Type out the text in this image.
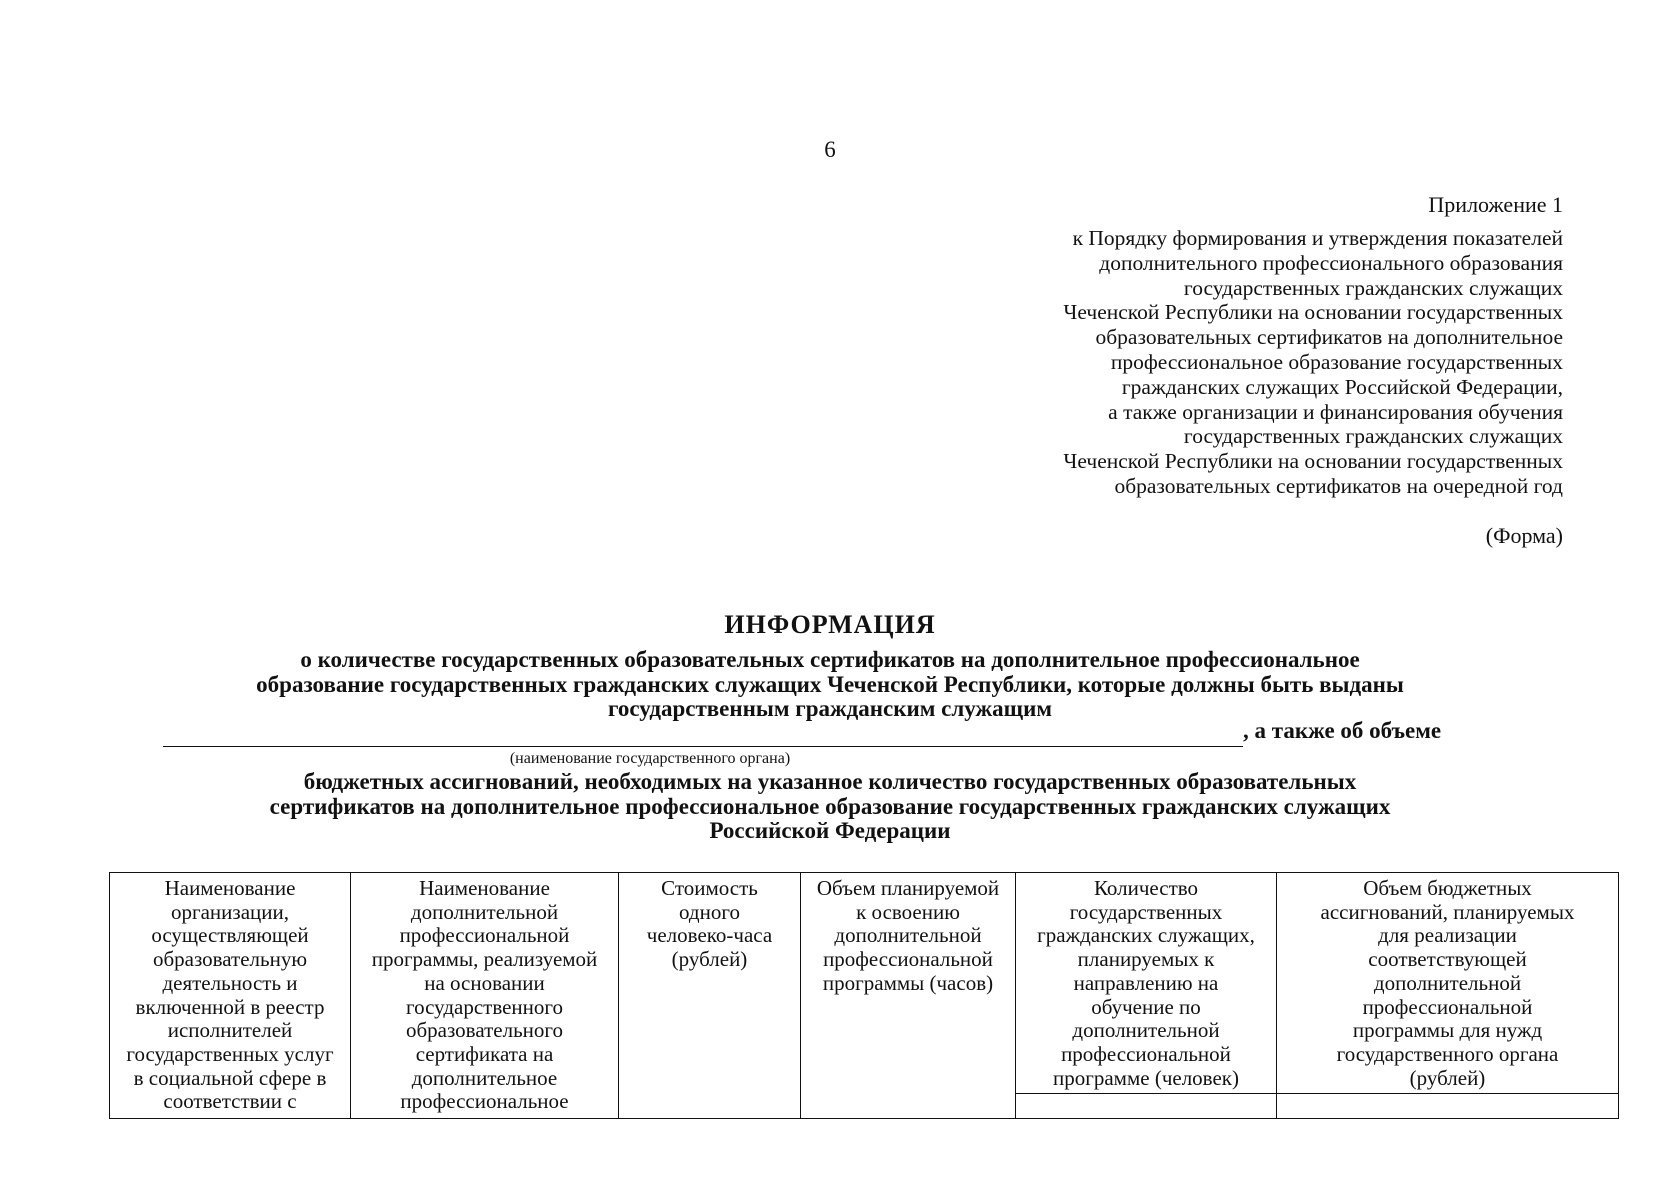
6
Приложение 1
к Порядку формирования и утверждения показателей
дополнительного профессионального образования
государственных гражданских служащих
Чеченской Республики на основании государственных
образовательных сертификатов на дополнительное
профессиональное образование государственных
гражданских служащих Российской Федерации,
а также организации и финансирования обучения
государственных гражданских служащих
Чеченской Республики на основании государственных
образовательных сертификатов на очередной год
(Форма)
ИНФОРМАЦИЯ
о количестве государственных образовательных сертификатов на дополнительное профессиональное
образование государственных гражданских служащих Чеченской Республики, которые должны быть выданы
государственным гражданским служащим
, а также об объеме
(наименование государственного органа)
бюджетных ассигнований, необходимых на указанное количество государственных образовательных
сертификатов на дополнительное профессиональное образование государственных гражданских служащих
Российской Федерации
Наименование
организации,
осуществляющей
образовательную
деятельность и
включенной в реестр
исполнителей
государственных услуг
в социальной сфере в
соответствии с

Наименование
дополнительной
профессиональной
программы, реализуемой
на основании
государственного
образовательного
сертификата на
дополнительное
профессиональное

Стоимость
одного
человеко-часа
(рублей)

Объем планируемой
к освоению
дополнительной
профессиональной
программы (часов)

Количество
государственных
гражданских служащих,
планируемых к
направлению на
обучение по
дополнительной
профессиональной
программе (человек)

Объем бюджетных
ассигнований, планируемых
для реализации
соответствующей
дополнительной
профессиональной
программы для нужд
государственного органа
(рублей)
